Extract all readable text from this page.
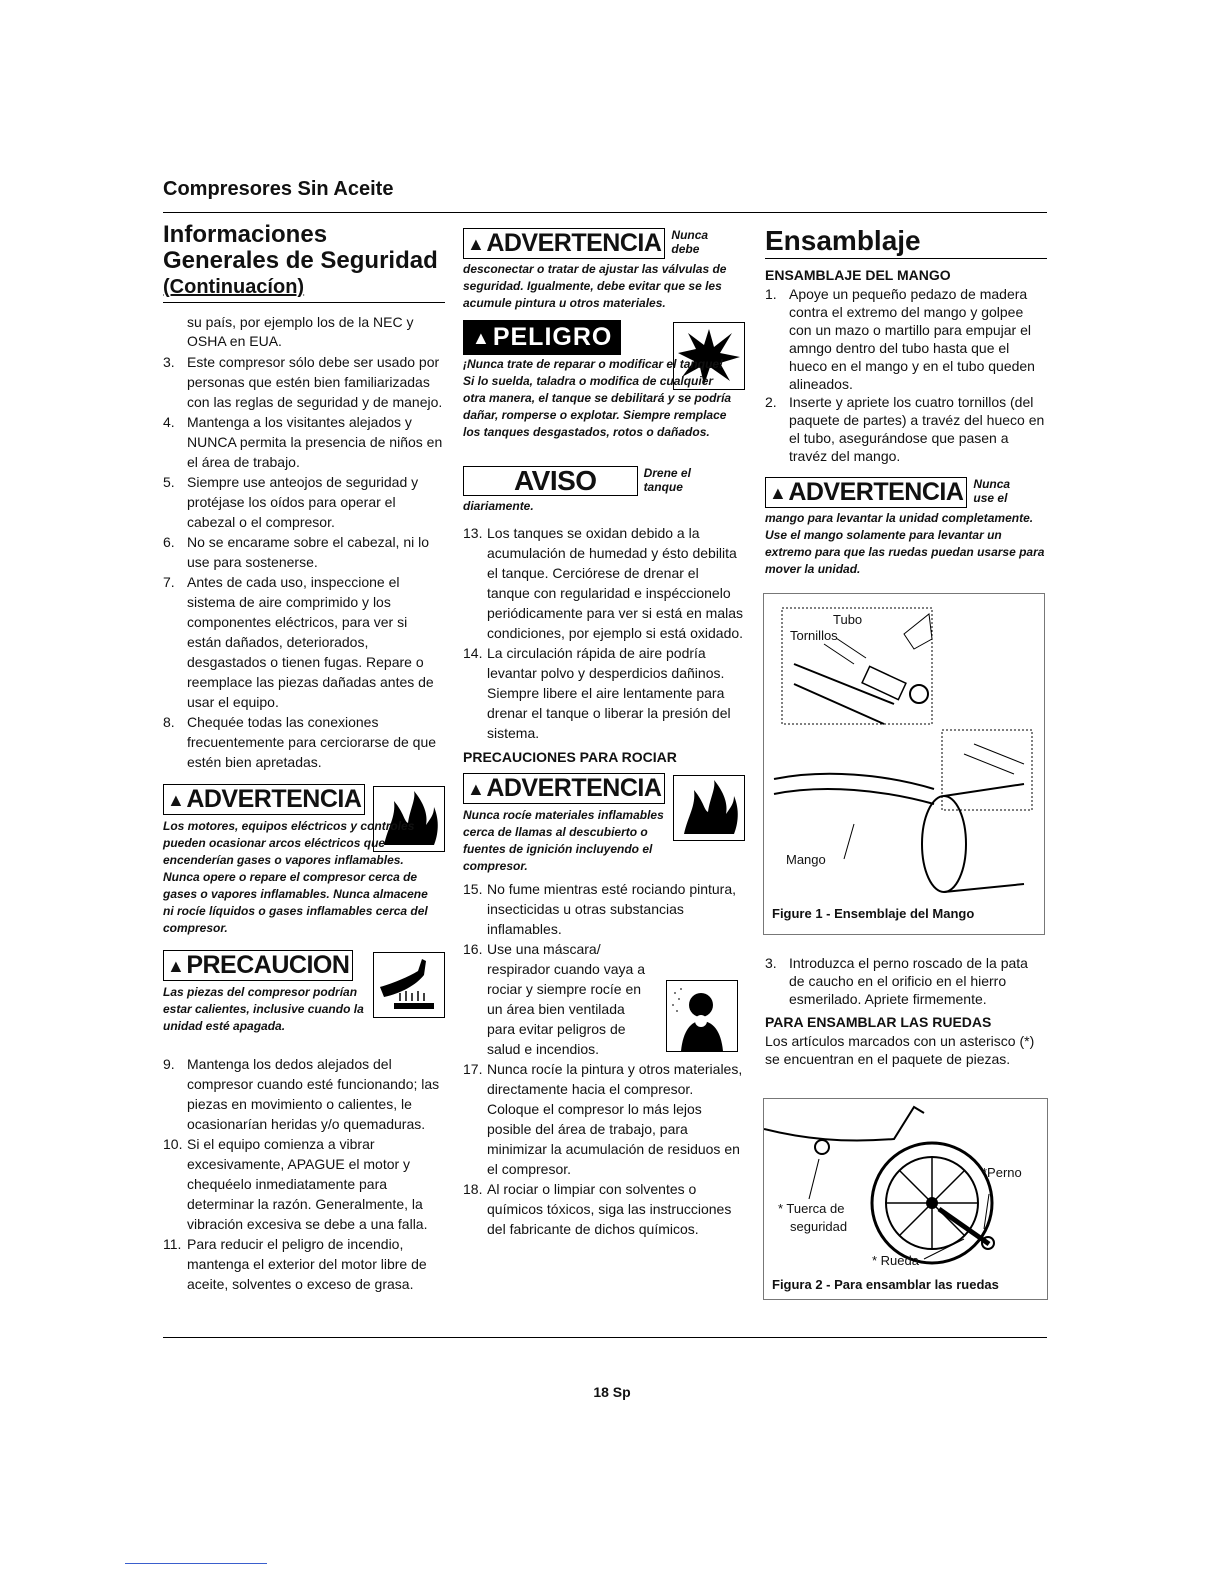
Compresores Sin Aceite
Informaciones
Generales de Seguridad
(Continuacíon)
su país, por ejemplo los de la NEC y OSHA en EUA.
3. Este compresor sólo debe ser usado por personas que estén bien familiarizadas con las reglas de seguridad y de manejo.
4. Mantenga a los visitantes alejados y NUNCA permita la presencia de niños en el área de trabajo.
5. Siempre use anteojos de seguridad y protéjase los oídos para operar el cabezal o el compresor.
6. No se encarame sobre el cabezal, ni lo use para sostenerse.
7. Antes de cada uso, inspeccione el sistema de aire comprimido y los componentes eléctricos, para ver si están dañados, deteriorados, desgastados o tienen fugas. Repare o reemplace las piezas dañadas antes de usar el equipo.
8. Chequée todas las conexiones frecuentemente para cerciorarse de que estén bien apretadas.
▲ADVERTENCIA
Los motores, equipos eléctricos y controles pueden ocasionar arcos eléctricos que encenderían gases o vapores inflamables. Nunca opere o repare el compresor cerca de gases o vapores inflamables. Nunca almacene ni rocíe líquidos o gases inflamables cerca del compresor.
▲PRECAUCION
Las piezas del compresor podrían estar calientes, inclusive cuando la unidad esté apagada.
9. Mantenga los dedos alejados del compresor cuando esté funcionando; las piezas en movimiento o calientes, le ocasionarían heridas y/o quemaduras.
10. Si el equipo comienza a vibrar excesivamente, APAGUE el motor y chequéelo inmediatamente para determinar la razón. Generalmente, la vibración excesiva se debe a una falla.
11. Para reducir el peligro de incendio, mantenga el exterior del motor libre de aceite, solventes o exceso de grasa.
▲ADVERTENCIA Nunca debe
desconectar o tratar de ajustar las válvulas de seguridad. Igualmente, debe evitar que se les acumule pintura u otros materiales.
▲PELIGRO
¡Nunca trate de reparar o modificar el tanque! Si lo suelda, taladra o modifica de cualquier otra manera, el tanque se debilitará y se podría dañar, romperse o explotar. Siempre remplace los tanques desgastados, rotos o dañados.
AVISO	Drene el tanque
diariamente.
13. Los tanques se oxidan debido a la acumulación de humedad y ésto debilita el tanque. Cerciórese de drenar el tanque con regularidad e inspéccionelo periódicamente para ver si está en malas condiciones, por ejemplo si está oxidado.
14. La circulación rápida de aire podría levantar polvo y desperdicios dañinos. Siempre libere el aire lentamente para drenar el tanque o liberar la presión del sistema.
PRECAUCIONES PARA ROCIAR
▲ADVERTENCIA
Nunca rocíe materiales inflamables cerca de llamas al descubierto o fuentes de ignición incluyendo el compresor.
15. No fume mientras esté rociando pintura, insecticidas u otras substancias inflamables.
16. Use una máscara/ respirador cuando vaya a rociar y siempre rocíe en un área bien ventilada para evitar peligros de salud e incendios.
17. Nunca rocíe la pintura y otros materiales, directamente hacia el compresor. Coloque el compresor lo más lejos posible del área de trabajo, para minimizar la acumulación de residuos en el compresor.
18. Al rociar o limpiar con solventes o químicos tóxicos, siga las instrucciones del fabricante de dichos químicos.
Ensamblaje
ENSAMBLAJE DEL MANGO
1. Apoye un pequeño pedazo de madera contra el extremo del mango y golpee con un mazo o martillo para empujar el amngo dentro del tubo hasta que el hueco en el mango y en el tubo queden alineados.
2. Inserte y apriete los cuatro tornillos (del paquete de partes) a travéz del hueco en el tubo, asegurándose que pasen a travéz del mango.
▲ADVERTENCIA Nunca use el
mango para levantar la unidad completamente. Use el mango solamente para levantar un extremo para que las ruedas puedan usarse para mover la unidad.
Tubo
Tornillos
Mango
Figure 1 - Ensemblaje del Mango
3. Introduzca el perno roscado de la pata de caucho en el orificio en el hierro esmerilado. Apriete firmemente.
PARA ENSAMBLAR LAS RUEDAS
Los artículos marcados con un asterisco (*) se encuentran en el paquete de piezas.
*Perno
* Tuerca de
seguridad
* Rueda
Figura 2 - Para ensamblar las ruedas
18 Sp
